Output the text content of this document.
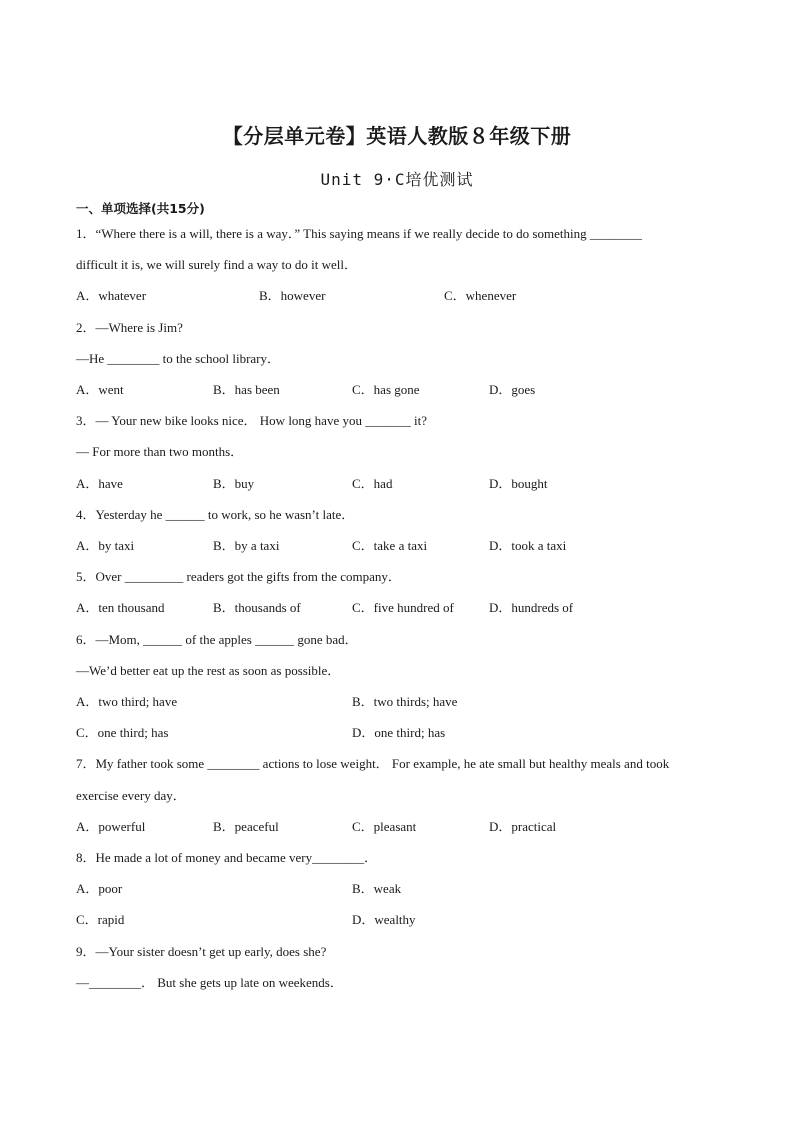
【分层单元卷】英语人教版８年级下册
Unit 9·C培优测试
一、单项选择(共15分)
1．“Where there is a will, there is a way．” This saying means if we really decide to do something ________
difficult it is, we will surely find a way to do it well．
A．whatever	B．however	C．whenever
2．—Where is Jim?
—He ________ to the school library．
A．went	B．has been	C．has gone	D．goes
3．— Your new bike looks nice． How long have you _______ it?
— For more than two months．
A．have	B．buy	C．had	D．bought
4．Yesterday he ______ to work, so he wasn’t late．
A．by taxi	B．by a taxi	C．take a taxi	D．took a taxi
5．Over _________ readers got the gifts from the company．
A．ten thousand	B．thousands of	C．five hundred of	D．hundreds of
6．—Mom, ______ of the apples ______ gone bad．
—We’d better eat up the rest as soon as possible．
A．two third; have	B．two thirds; have
C．one third; has	D．one third; has
7．My father took some ________ actions to lose weight． For example, he ate small but healthy meals and took
exercise every day．
A．powerful	B．peaceful	C．pleasant	D．practical
8．He made a lot of money and became very________．
A．poor	B．weak
C．rapid	D．wealthy
9．—Your sister doesn’t get up early, does she?
—________． But she gets up late on weekends．
